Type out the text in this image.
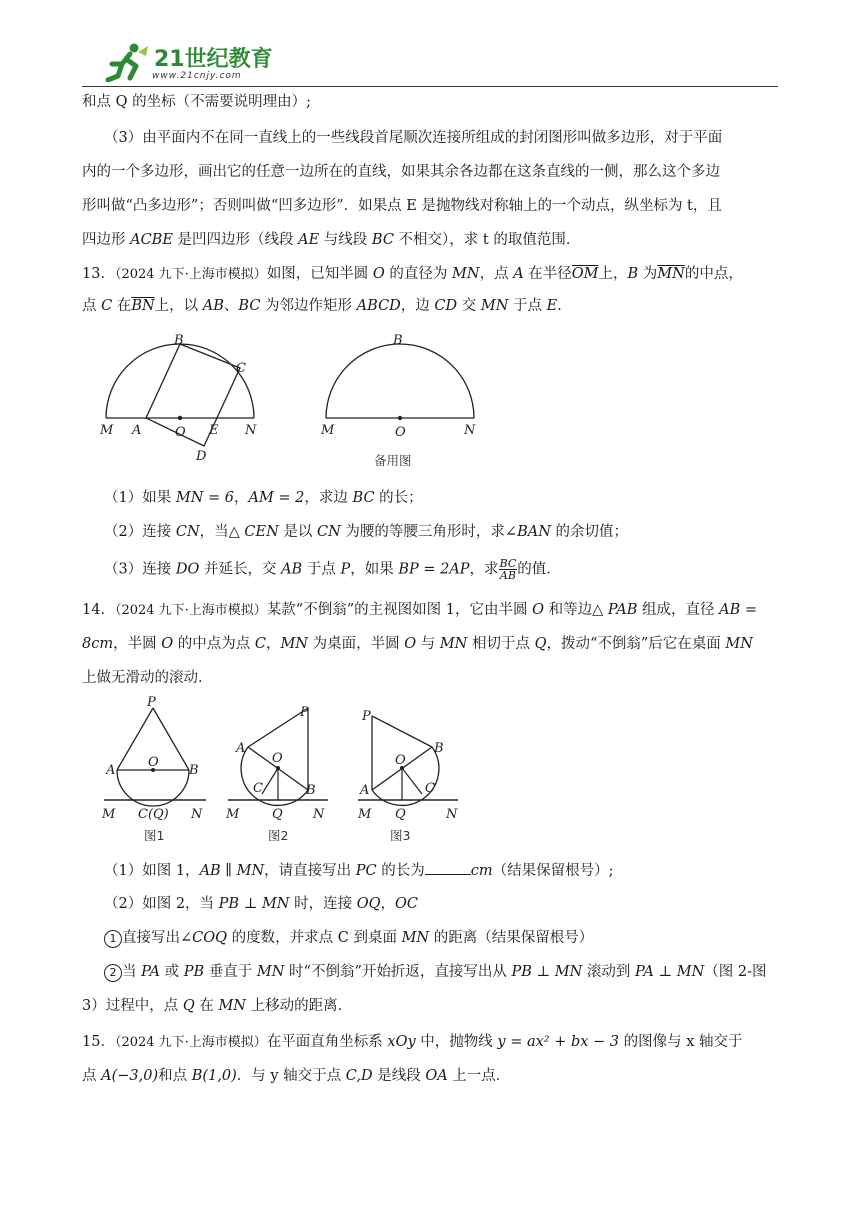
21世纪教育
www.21cnjy.com
和点 Q 的坐标（不需要说明理由）;
（3）由平面内不在同一直线上的一些线段首尾顺次连接所组成的封闭图形叫做多边形，对于平面
内的一个多边形，画出它的任意一边所在的直线，如果其余各边都在这条直线的一侧，那么这个多边
形叫做“凸多边形”；否则叫做“凹多边形”．如果点 E 是抛物线对称轴上的一个动点，纵坐标为 t，且
四边形 ACBE 是凹四边形（线段 AE 与线段 BC 不相交），求 t 的取值范围．
13．（2024 九下·上海市模拟）如图，已知半圆 O 的直径为 MN，点 A 在半径$\overline{OM}$上，B 为$\overline{MN}$的中点，
点 C 在$\overline{BN}$上，以 AB、BC 为邻边作矩形 ABCD，边 CD 交 MN 于点 E．
M A	O E N
B
C
D
M	O	N
B
备用图
（1）如果 MN = 6，AM = 2，求边 BC 的长；
（2）连接 CN，当△ CEN 是以 CN 为腰的等腰三角形时，求∠BAN 的余切值；
（3）连接 DO 并延长，交 AB 于点 P，如果 BP = 2AP，求 $\frac{BC}{AB}$ 的值．
14．（2024 九下·上海市模拟）某款“不倒翁”的主视图如图 1，它由半圆 O 和等边△ PAB 组成，直径 AB =
8cm，半圆 O 的中点为点 C，MN 为桌面，半圆 O 与 MN 相切于点 Q，拨动“不倒翁”后它在桌面 MN
上做无滑动的滚动．
P
A
O
B
M C(Q) N
图1
P
A
O
C	B
M	Q N
图2
P
B
O
C
A
M Q	N
图3
（1）如图 1，AB ∥ MN，请直接写出 PC 的长为	cm（结果保留根号）;
（2）如图 2，当 PB ⊥ MN 时，连接 OQ，OC
1 直接写出∠COQ 的度数，并求点 C 到桌面 MN 的距离（结果保留根号）
2 当 PA 或 PB 垂直于 MN 时“不倒翁”开始折返，直接写出从 PB ⊥ MN 滚动到 PA ⊥ MN（图 2-图
3）过程中，点 Q 在 MN 上移动的距离．
15．（2024 九下·上海市模拟）在平面直角坐标系 xOy 中，抛物线 y = ax² + bx − 3 的图像与 x 轴交于
点 A(−3,0)和点 B(1,0)．与 y 轴交于点 C,D 是线段 OA 上一点．
